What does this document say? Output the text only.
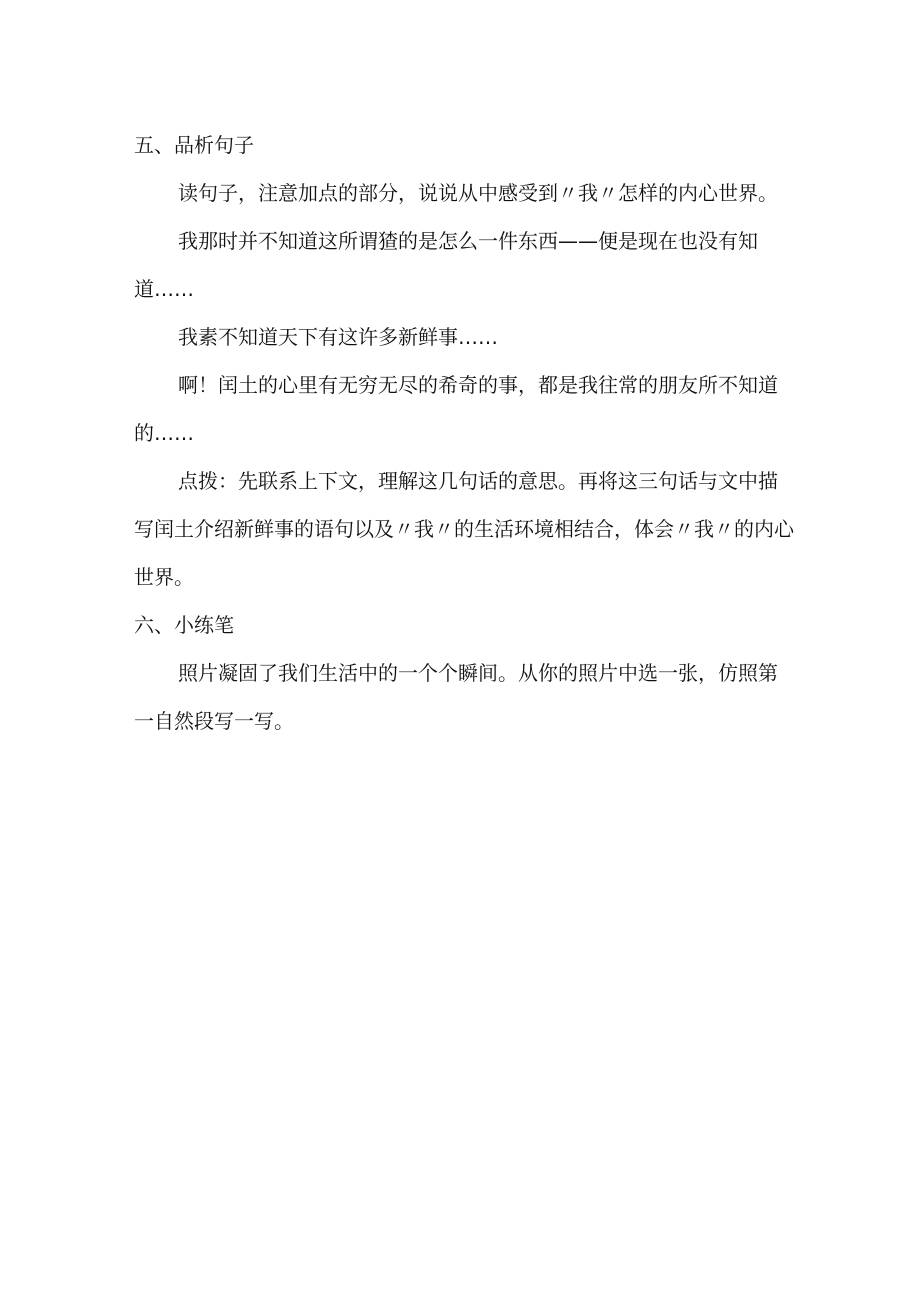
五、品析句子

读句子，注意加点的部分，说说从中感受到〃我〃怎样的内心世界。

我那时并不知道这所谓猹的是怎么一件东西——便是现在也没有知

道……

我素不知道天下有这许多新鲜事……

啊！闰土的心里有无穷无尽的希奇的事，都是我往常的朋友所不知道

的……

点拨：先联系上下文，理解这几句话的意思。再将这三句话与文中描

写闰土介绍新鲜事的语句以及〃我〃的生活环境相结合，体会〃我〃的内心

世界。

六、小练笔

照片凝固了我们生活中的一个个瞬间。从你的照片中选一张，仿照第

一自然段写一写。
